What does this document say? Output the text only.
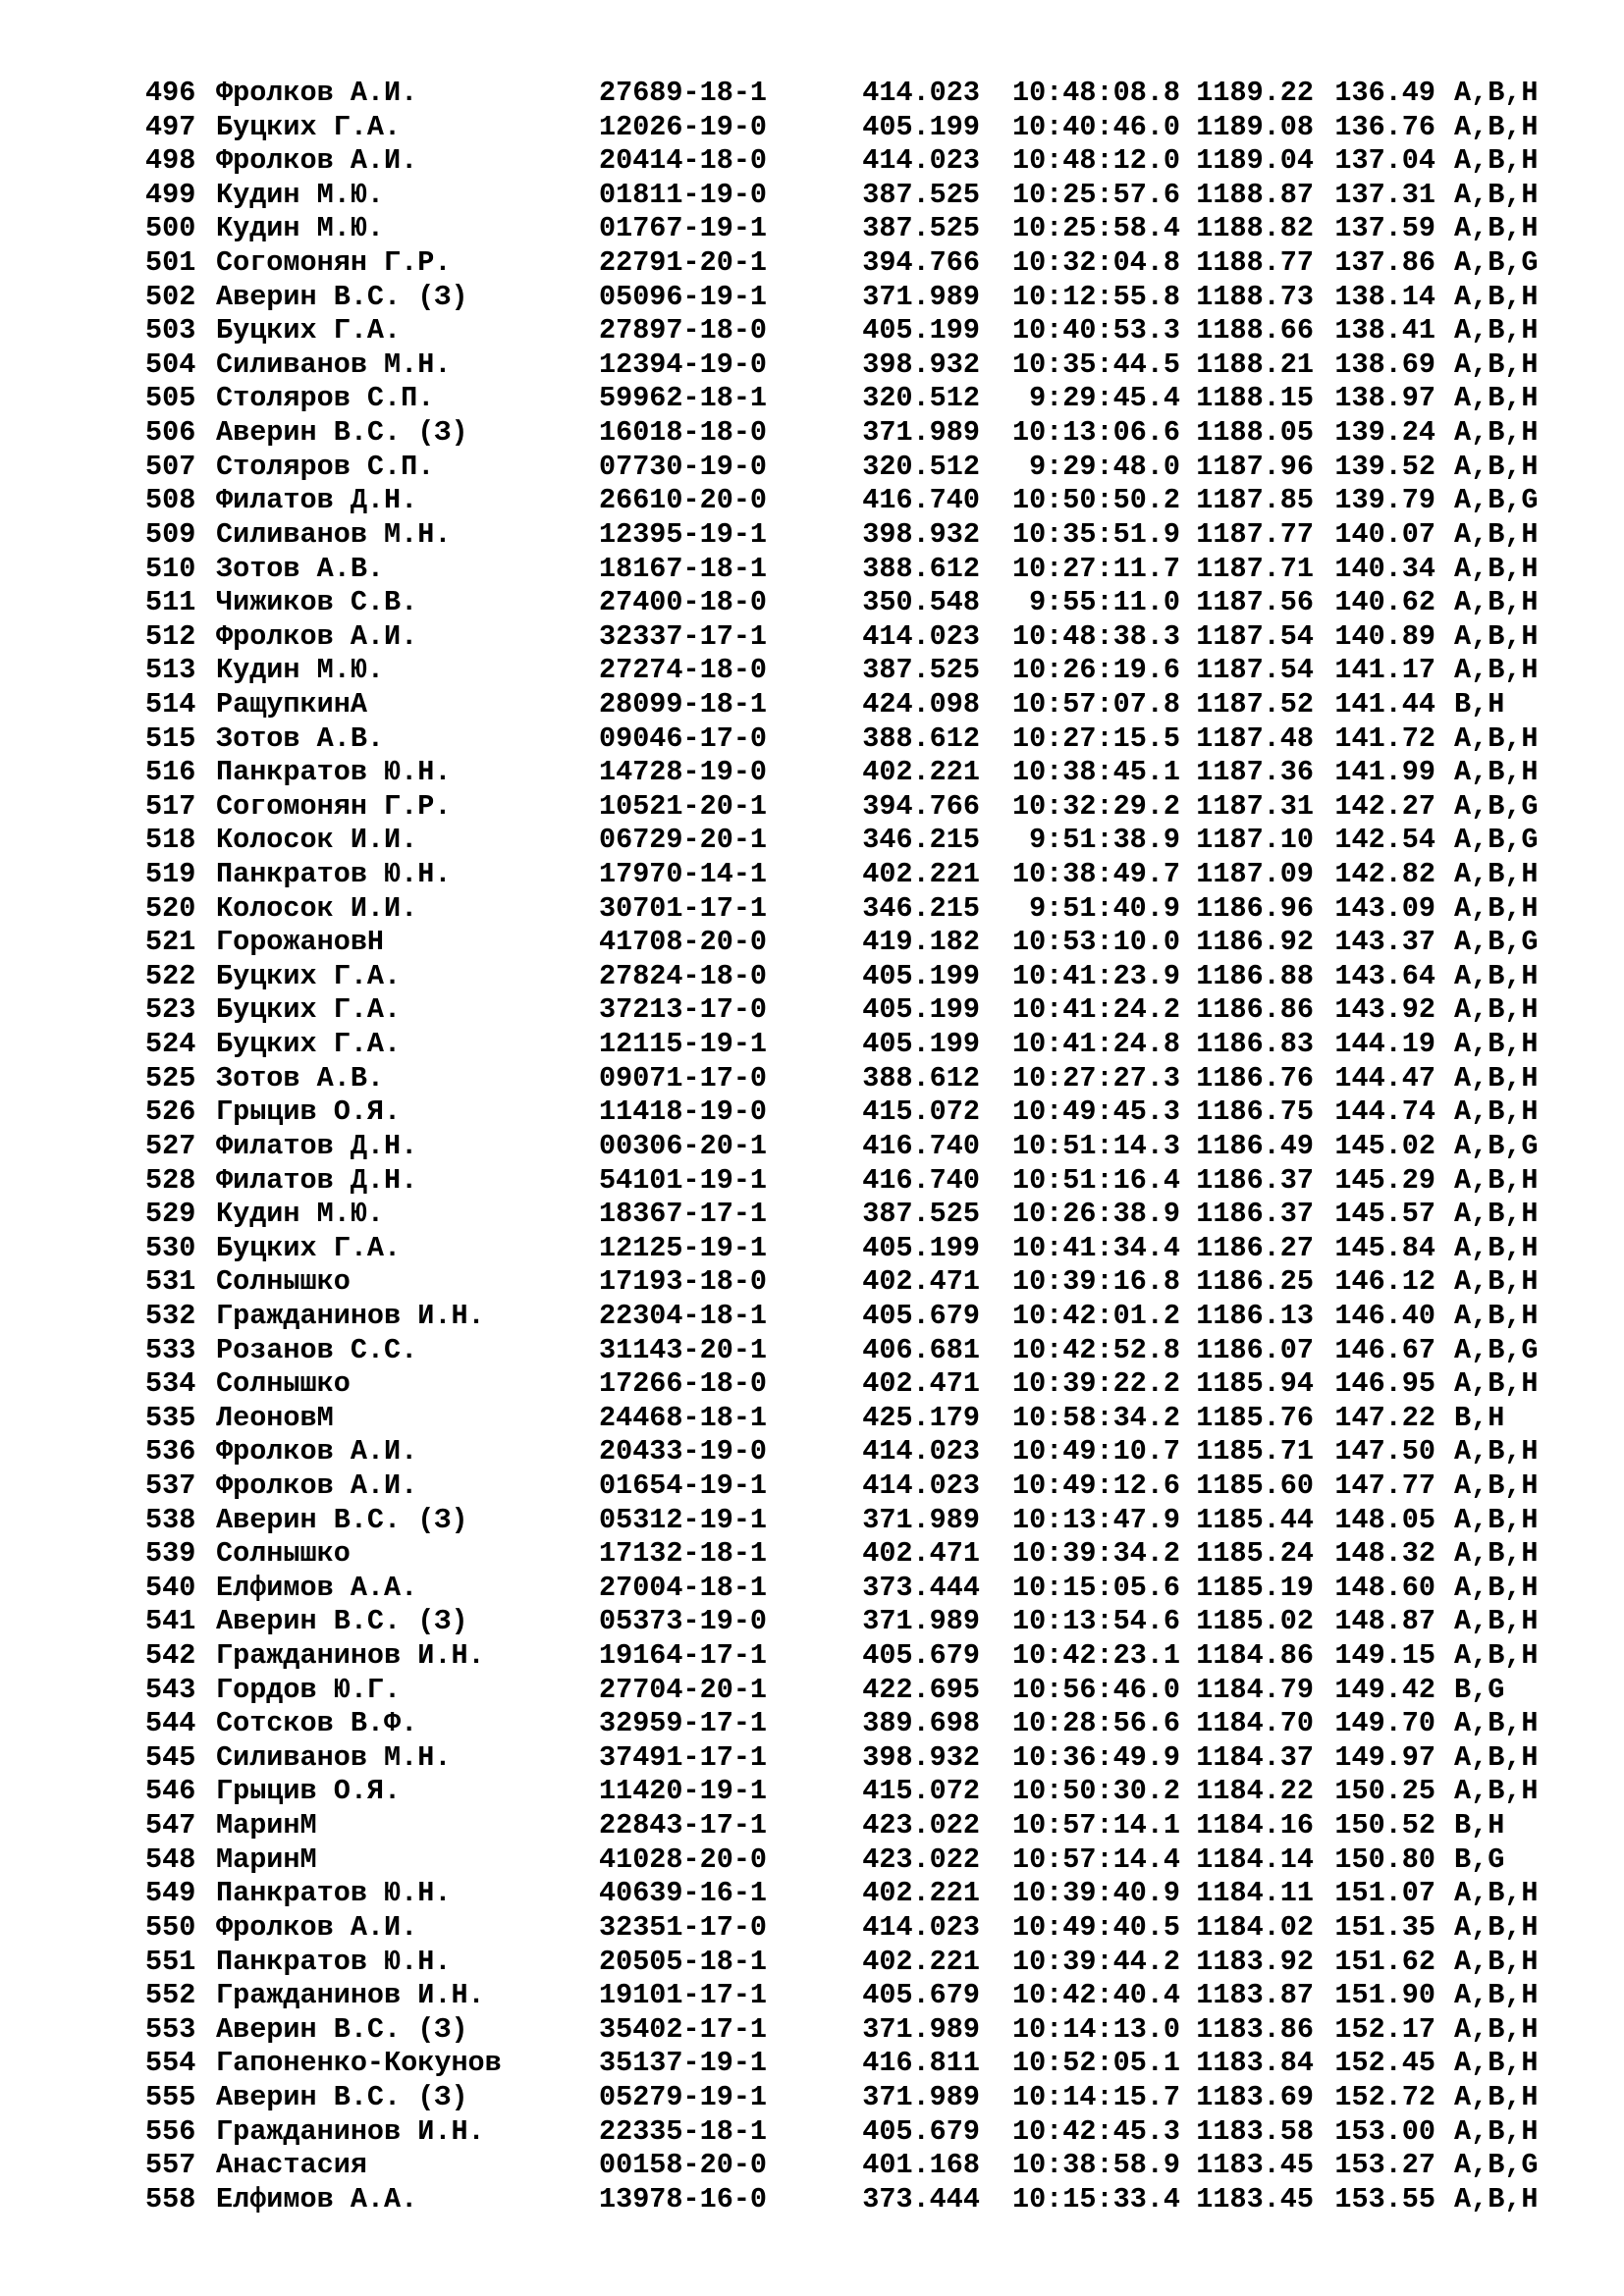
496 Фролков А.И.	27689-18-1	414.023	10:48:08.8 1189.22 136.49 A,B,H
497 Буцких Г.А.	12026-19-0	405.199	10:40:46.0 1189.08 136.76 A,B,H
498 Фролков А.И.	20414-18-0	414.023	10:48:12.0 1189.04 137.04 A,B,H
499 Кудин М.Ю.	01811-19-0	387.525	10:25:57.6 1188.87 137.31 A,B,H
500 Кудин М.Ю.	01767-19-1	387.525	10:25:58.4 1188.82 137.59 A,B,H
501 Согомонян Г.Р.	22791-20-1	394.766	10:32:04.8 1188.77 137.86 A,B,G
502 Аверин В.С. (З)	05096-19-1	371.989	10:12:55.8 1188.73 138.14 A,B,H
503 Буцких Г.А.	27897-18-0	405.199	10:40:53.3 1188.66 138.41 A,B,H
504 Силиванов М.Н.	12394-19-0	398.932	10:35:44.5 1188.21 138.69 A,B,H
505 Столяров С.П.	59962-18-1	320.512	9:29:45.4 1188.15 138.97 A,B,H
506 Аверин В.С. (З)	16018-18-0	371.989	10:13:06.6 1188.05 139.24 A,B,H
507 Столяров С.П.	07730-19-0	320.512	9:29:48.0 1187.96 139.52 A,B,H
508 Филатов Д.Н.	26610-20-0	416.740	10:50:50.2 1187.85 139.79 A,B,G
509 Силиванов М.Н.	12395-19-1	398.932	10:35:51.9 1187.77 140.07 A,B,H
510 Зотов А.В.	18167-18-1	388.612	10:27:11.7 1187.71 140.34 A,B,H
511 Чижиков С.В.	27400-18-0	350.548	9:55:11.0 1187.56 140.62 A,B,H
512 Фролков А.И.	32337-17-1	414.023	10:48:38.3 1187.54 140.89 A,B,H
513 Кудин М.Ю.	27274-18-0	387.525	10:26:19.6 1187.54 141.17 A,B,H
514 РащупкинА	28099-18-1	424.098	10:57:07.8 1187.52 141.44 B,H
515 Зотов А.В.	09046-17-0	388.612	10:27:15.5 1187.48 141.72 A,B,H
516 Панкратов Ю.Н.	14728-19-0	402.221	10:38:45.1 1187.36 141.99 A,B,H
517 Согомонян Г.Р.	10521-20-1	394.766	10:32:29.2 1187.31 142.27 A,B,G
518 Колосок И.И.	06729-20-1	346.215	9:51:38.9 1187.10 142.54 A,B,G
519 Панкратов Ю.Н.	17970-14-1	402.221	10:38:49.7 1187.09 142.82 A,B,H
520 Колосок И.И.	30701-17-1	346.215	9:51:40.9 1186.96 143.09 A,B,H
521 ГорожановН	41708-20-0	419.182	10:53:10.0 1186.92 143.37 A,B,G
522 Буцких Г.А.	27824-18-0	405.199	10:41:23.9 1186.88 143.64 A,B,H
523 Буцких Г.А.	37213-17-0	405.199	10:41:24.2 1186.86 143.92 A,B,H
524 Буцких Г.А.	12115-19-1	405.199	10:41:24.8 1186.83 144.19 A,B,H
525 Зотов А.В.	09071-17-0	388.612	10:27:27.3 1186.76 144.47 A,B,H
526 Грыцив О.Я.	11418-19-0	415.072	10:49:45.3 1186.75 144.74 A,B,H
527 Филатов Д.Н.	00306-20-1	416.740	10:51:14.3 1186.49 145.02 A,B,G
528 Филатов Д.Н.	54101-19-1	416.740	10:51:16.4 1186.37 145.29 A,B,H
529 Кудин М.Ю.	18367-17-1	387.525	10:26:38.9 1186.37 145.57 A,B,H
530 Буцких Г.А.	12125-19-1	405.199	10:41:34.4 1186.27 145.84 A,B,H
531 Солнышко	17193-18-0	402.471	10:39:16.8 1186.25 146.12 A,B,H
532 Гражданинов И.Н.	22304-18-1	405.679	10:42:01.2 1186.13 146.40 A,B,H
533 Розанов С.С.	31143-20-1	406.681	10:42:52.8 1186.07 146.67 A,B,G
534 Солнышко	17266-18-0	402.471	10:39:22.2 1185.94 146.95 A,B,H
535 ЛеоновМ	24468-18-1	425.179	10:58:34.2 1185.76 147.22 B,H
536 Фролков А.И.	20433-19-0	414.023	10:49:10.7 1185.71 147.50 A,B,H
537 Фролков А.И.	01654-19-1	414.023	10:49:12.6 1185.60 147.77 A,B,H
538 Аверин В.С. (З)	05312-19-1	371.989	10:13:47.9 1185.44 148.05 A,B,H
539 Солнышко	17132-18-1	402.471	10:39:34.2 1185.24 148.32 A,B,H
540 Елфимов А.А.	27004-18-1	373.444	10:15:05.6 1185.19 148.60 A,B,H
541 Аверин В.С. (З)	05373-19-0	371.989	10:13:54.6 1185.02 148.87 A,B,H
542 Гражданинов И.Н.	19164-17-1	405.679	10:42:23.1 1184.86 149.15 A,B,H
543 Гордов Ю.Г.	27704-20-1	422.695	10:56:46.0 1184.79 149.42 B,G
544 Сотсков В.Ф.	32959-17-1	389.698	10:28:56.6 1184.70 149.70 A,B,H
545 Силиванов М.Н.	37491-17-1	398.932	10:36:49.9 1184.37 149.97 A,B,H
546 Грыцив О.Я.	11420-19-1	415.072	10:50:30.2 1184.22 150.25 A,B,H
547 МаринМ	22843-17-1	423.022	10:57:14.1 1184.16 150.52 B,H
548 МаринМ	41028-20-0	423.022	10:57:14.4 1184.14 150.80 B,G
549 Панкратов Ю.Н.	40639-16-1	402.221	10:39:40.9 1184.11 151.07 A,B,H
550 Фролков А.И.	32351-17-0	414.023	10:49:40.5 1184.02 151.35 A,B,H
551 Панкратов Ю.Н.	20505-18-1	402.221	10:39:44.2 1183.92 151.62 A,B,H
552 Гражданинов И.Н.	19101-17-1	405.679	10:42:40.4 1183.87 151.90 A,B,H
553 Аверин В.С. (З)	35402-17-1	371.989	10:14:13.0 1183.86 152.17 A,B,H
554 Гапоненко-Кокунов	35137-19-1	416.811	10:52:05.1 1183.84 152.45 A,B,H
555 Аверин В.С. (З)	05279-19-1	371.989	10:14:15.7 1183.69 152.72 A,B,H
556 Гражданинов И.Н.	22335-18-1	405.679	10:42:45.3 1183.58 153.00 A,B,H
557 Анастасия	00158-20-0	401.168	10:38:58.9 1183.45 153.27 A,B,G
558 Елфимов А.А.	13978-16-0	373.444	10:15:33.4 1183.45 153.55 A,B,H
